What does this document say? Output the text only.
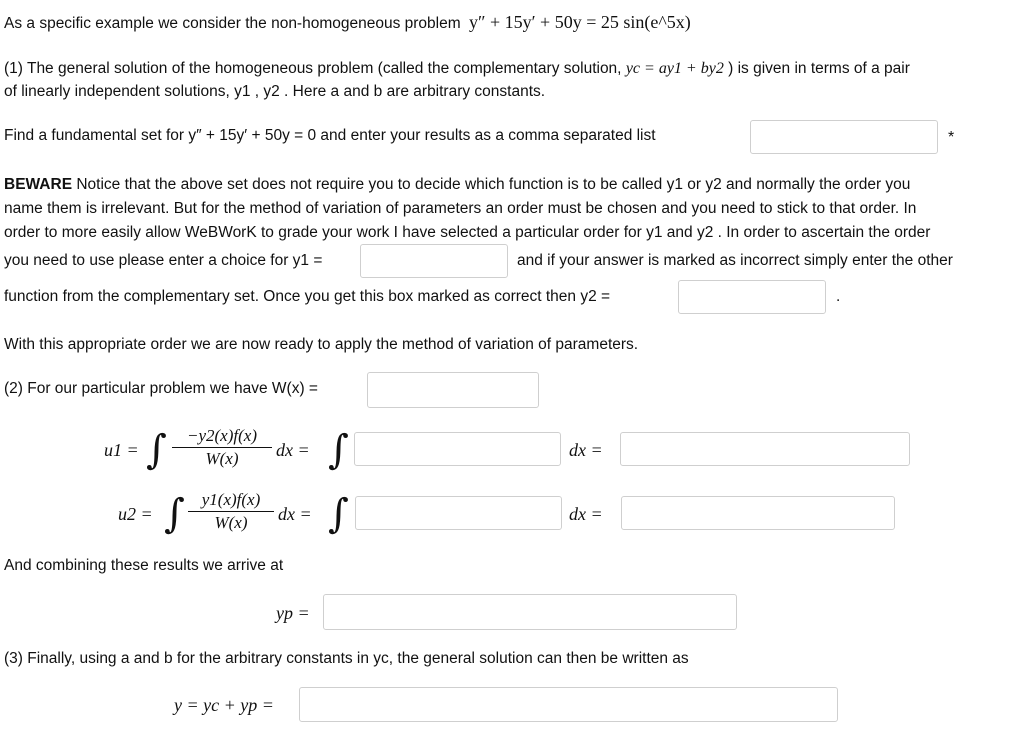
As a specific example we consider the non-homogeneous problem y″ + 15y′ + 50y = 25 sin(e^5x)
(1) The general solution of the homogeneous problem (called the complementary solution, yc = ay1 + by2 ) is given in terms of a pair
of linearly independent solutions, y1 , y2 . Here a and b are arbitrary constants.
Find a fundamental set for y″ + 15y′ + 50y = 0 and enter your results as a comma separated list	*
BEWARE Notice that the above set does not require you to decide which function is to be called y1 or y2 and normally the order you
name them is irrelevant. But for the method of variation of parameters an order must be chosen and you need to stick to that order. In
order to more easily allow WeBWorK to grade your work I have selected a particular order for y1 and y2 . In order to ascertain the order
you need to use please enter a choice for y1 =	and if your answer is marked as incorrect simply enter the other
function from the complementary set. Once you get this box marked as correct then y2 =	.
With this appropriate order we are now ready to apply the method of variation of parameters.
(2) For our particular problem we have W(x) =
u1 = ∫ $\frac{-y2(x)f(x)}{W(x)}$ dx = ∫	dx =
u2 = ∫ $\frac{y1(x)f(x)}{W(x)}$ dx = ∫	dx =
And combining these results we arrive at
yp =
(3) Finally, using a and b for the arbitrary constants in yc, the general solution can then be written as
y = yc + yp =
